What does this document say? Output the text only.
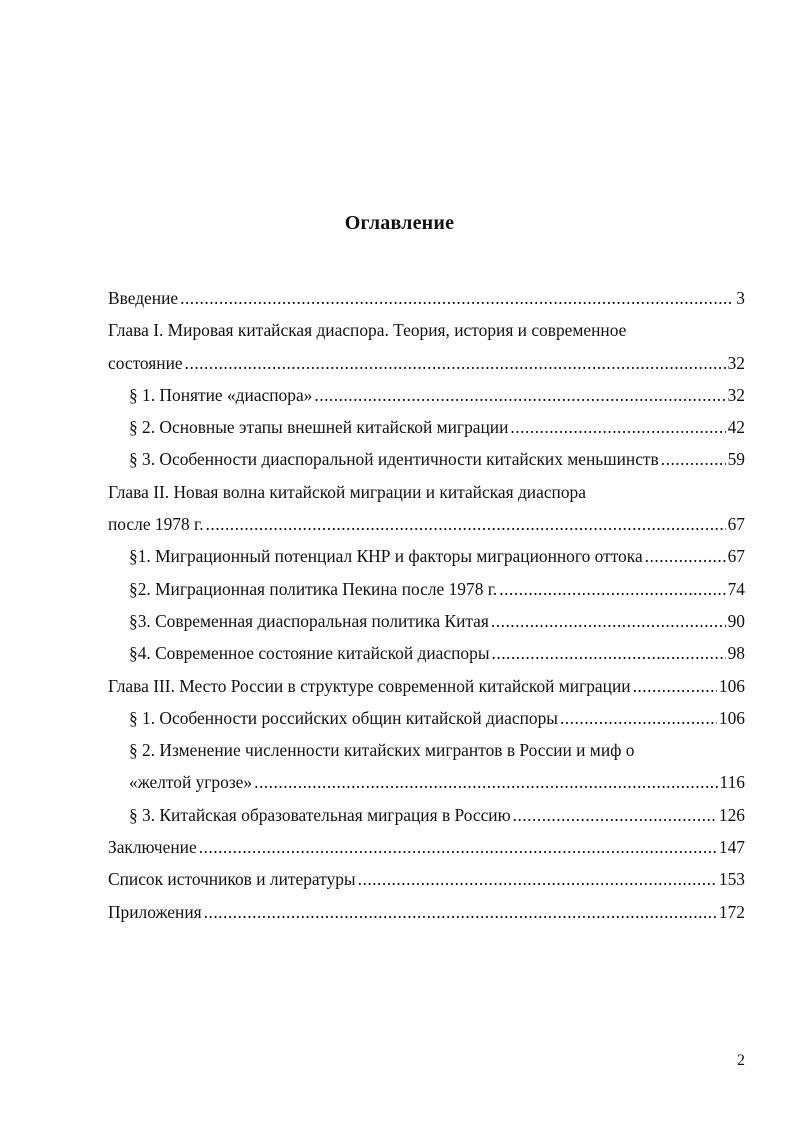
Оглавление
Введение .....	3
Глава I. Мировая китайская диаспора. Теория, история и современное
состояние .....	32
§ 1. Понятие «диаспора» .....	32
§ 2. Основные этапы внешней китайской миграции .....	42
§ 3. Особенности диаспоральной идентичности китайских меньшинств .....	59
Глава II. Новая волна китайской миграции и китайская диаспора
после 1978 г. .....	67
§1. Миграционный потенциал КНР и факторы миграционного оттока .....	67
§2. Миграционная политика Пекина после 1978 г. .....	74
§3. Современная диаспоральная политика Китая .....	90
§4. Современное состояние китайской диаспоры .....	98
Глава III. Место России в структуре современной китайской миграции .....	106
§ 1. Особенности российских общин китайской диаспоры .....	106
§ 2. Изменение численности китайских мигрантов в России и миф о
«желтой угрозе» .....	116
§ 3. Китайская образовательная миграция в Россию .....	126
Заключение .....	147
Список источников и литературы .....	153
Приложения .....	172
2
